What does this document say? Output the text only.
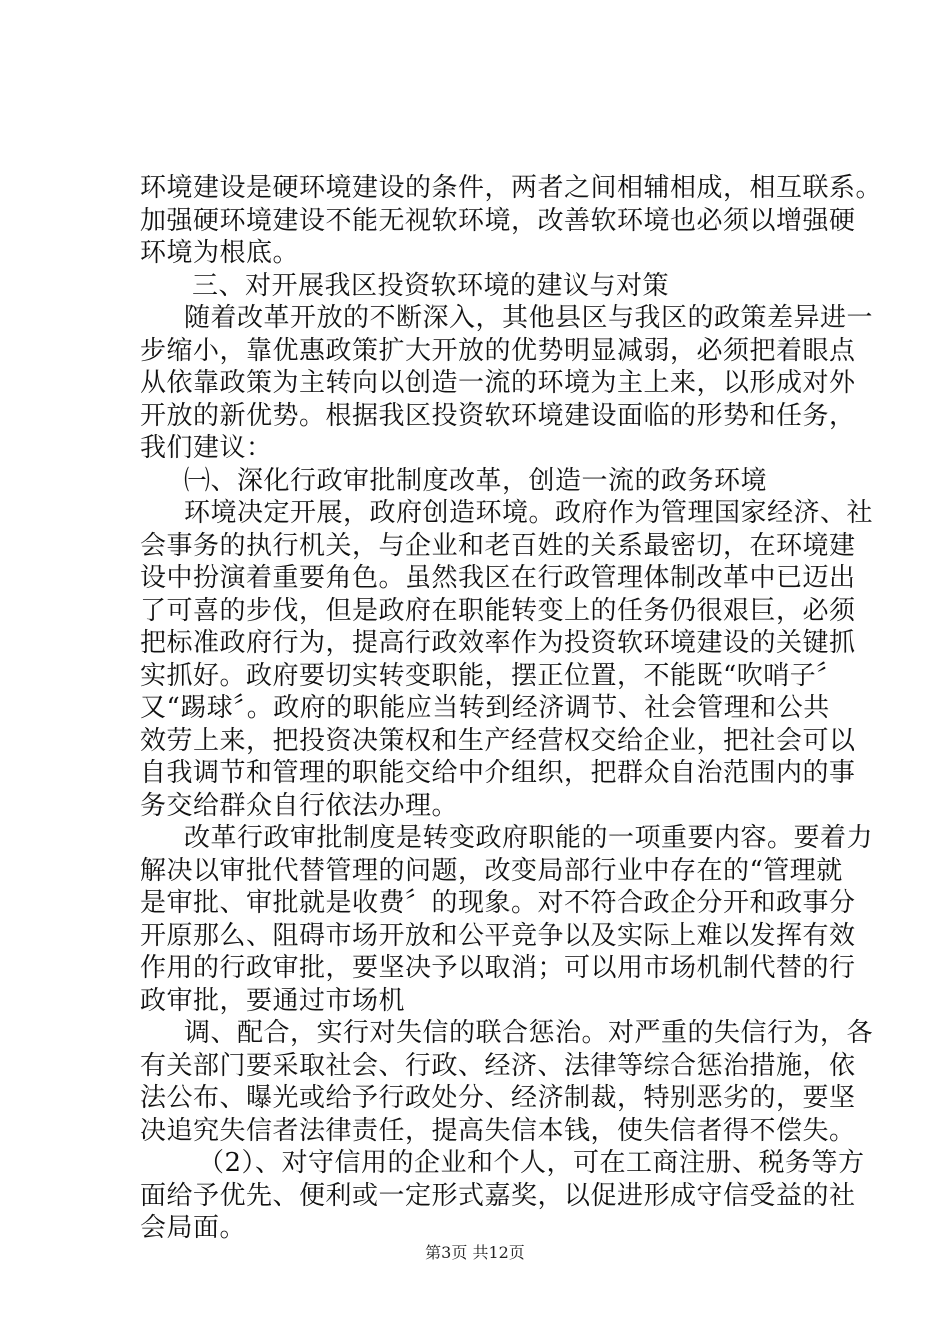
环境建设是硬环境建设的条件，两者之间相辅相成，相互联系。
加强硬环境建设不能无视软环境，改善软环境也必须以增强硬
环境为根底。
三、对开展我区投资软环境的建议与对策
随着改革开放的不断深入，其他县区与我区的政策差异进一
步缩小，靠优惠政策扩大开放的优势明显减弱，必须把着眼点
从依靠政策为主转向以创造一流的环境为主上来，以形成对外
开放的新优势。根据我区投资软环境建设面临的形势和任务，
我们建议：
㈠、深化行政审批制度改革，创造一流的政务环境
环境决定开展，政府创造环境。政府作为管理国家经济、社
会事务的执行机关，与企业和老百姓的关系最密切，在环境建
设中扮演着重要角色。虽然我区在行政管理体制改革中已迈出
了可喜的步伐，但是政府在职能转变上的任务仍很艰巨，必须
把标准政府行为，提高行政效率作为投资软环境建设的关键抓
实抓好。政府要切实转变职能，摆正位置，不能既“吹哨子〞
又“踢球〞。政府的职能应当转到经济调节、社会管理和公共
效劳上来，把投资决策权和生产经营权交给企业，把社会可以
自我调节和管理的职能交给中介组织，把群众自治范围内的事
务交给群众自行依法办理。
改革行政审批制度是转变政府职能的一项重要内容。要着力
解决以审批代替管理的问题，改变局部行业中存在的“管理就
是审批、审批就是收费〞的现象。对不符合政企分开和政事分
开原那么、阻碍市场开放和公平竞争以及实际上难以发挥有效
作用的行政审批，要坚决予以取消；可以用市场机制代替的行
政审批，要通过市场机
调、配合，实行对失信的联合惩治。对严重的失信行为，各
有关部门要采取社会、行政、经济、法律等综合惩治措施，依
法公布、曝光或给予行政处分、经济制裁，特别恶劣的，要坚
决追究失信者法律责任，提高失信本钱，使失信者得不偿失。
（2）、对守信用的企业和个人，可在工商注册、税务等方
面给予优先、便利或一定形式嘉奖，以促进形成守信受益的社
会局面。
第3页 共12页
